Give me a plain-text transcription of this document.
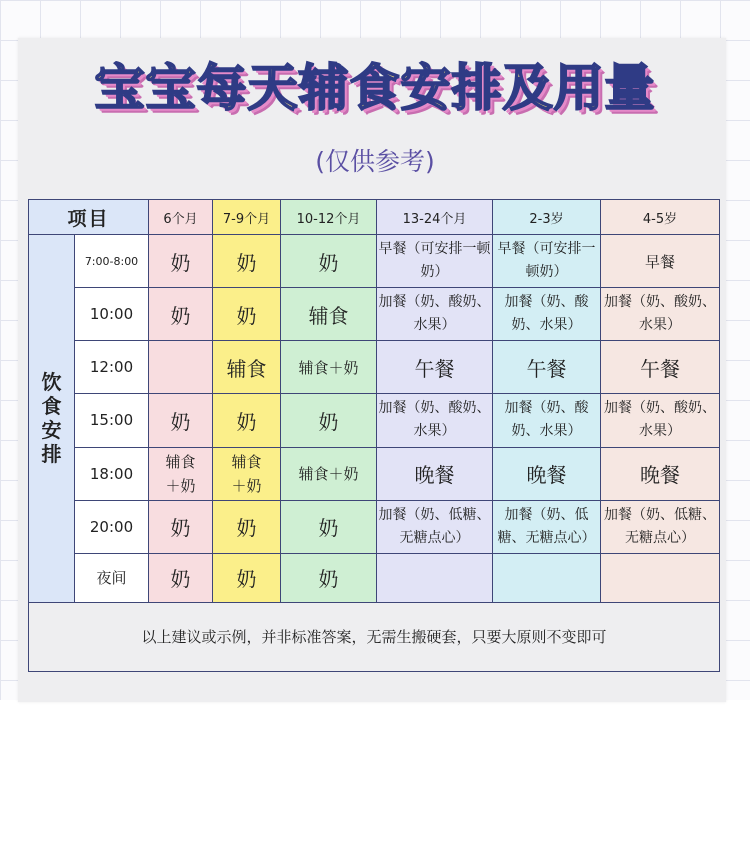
宝宝每天辅食安排及用量
(仅供参考)
项目		6个月	7-9个月	10-12个月	13-24个月	2-3岁	4-5岁

饮食安排	7:00-8:00	奶	奶	奶	早餐（可安排一顿奶）	早餐（可安排一顿奶）	早餐
	10:00	奶	奶	辅食	加餐（奶、酸奶、水果）	加餐（奶、酸奶、水果）	加餐（奶、酸奶、水果）
	12:00		辅食	辅食＋奶	午餐	午餐	午餐
	15:00	奶	奶	奶	加餐（奶、酸奶、水果）	加餐（奶、酸奶、水果）	加餐（奶、酸奶、水果）
	18:00	辅食＋奶	辅食＋奶	辅食＋奶	晚餐	晚餐	晚餐
	20:00	奶	奶	奶	加餐（奶、低糖、无糖点心）	加餐（奶、低糖、无糖点心）	加餐（奶、低糖、无糖点心）
	夜间	奶	奶	奶			
以上建议或示例，并非标准答案，无需生搬硬套，只要大原则不变即可							
